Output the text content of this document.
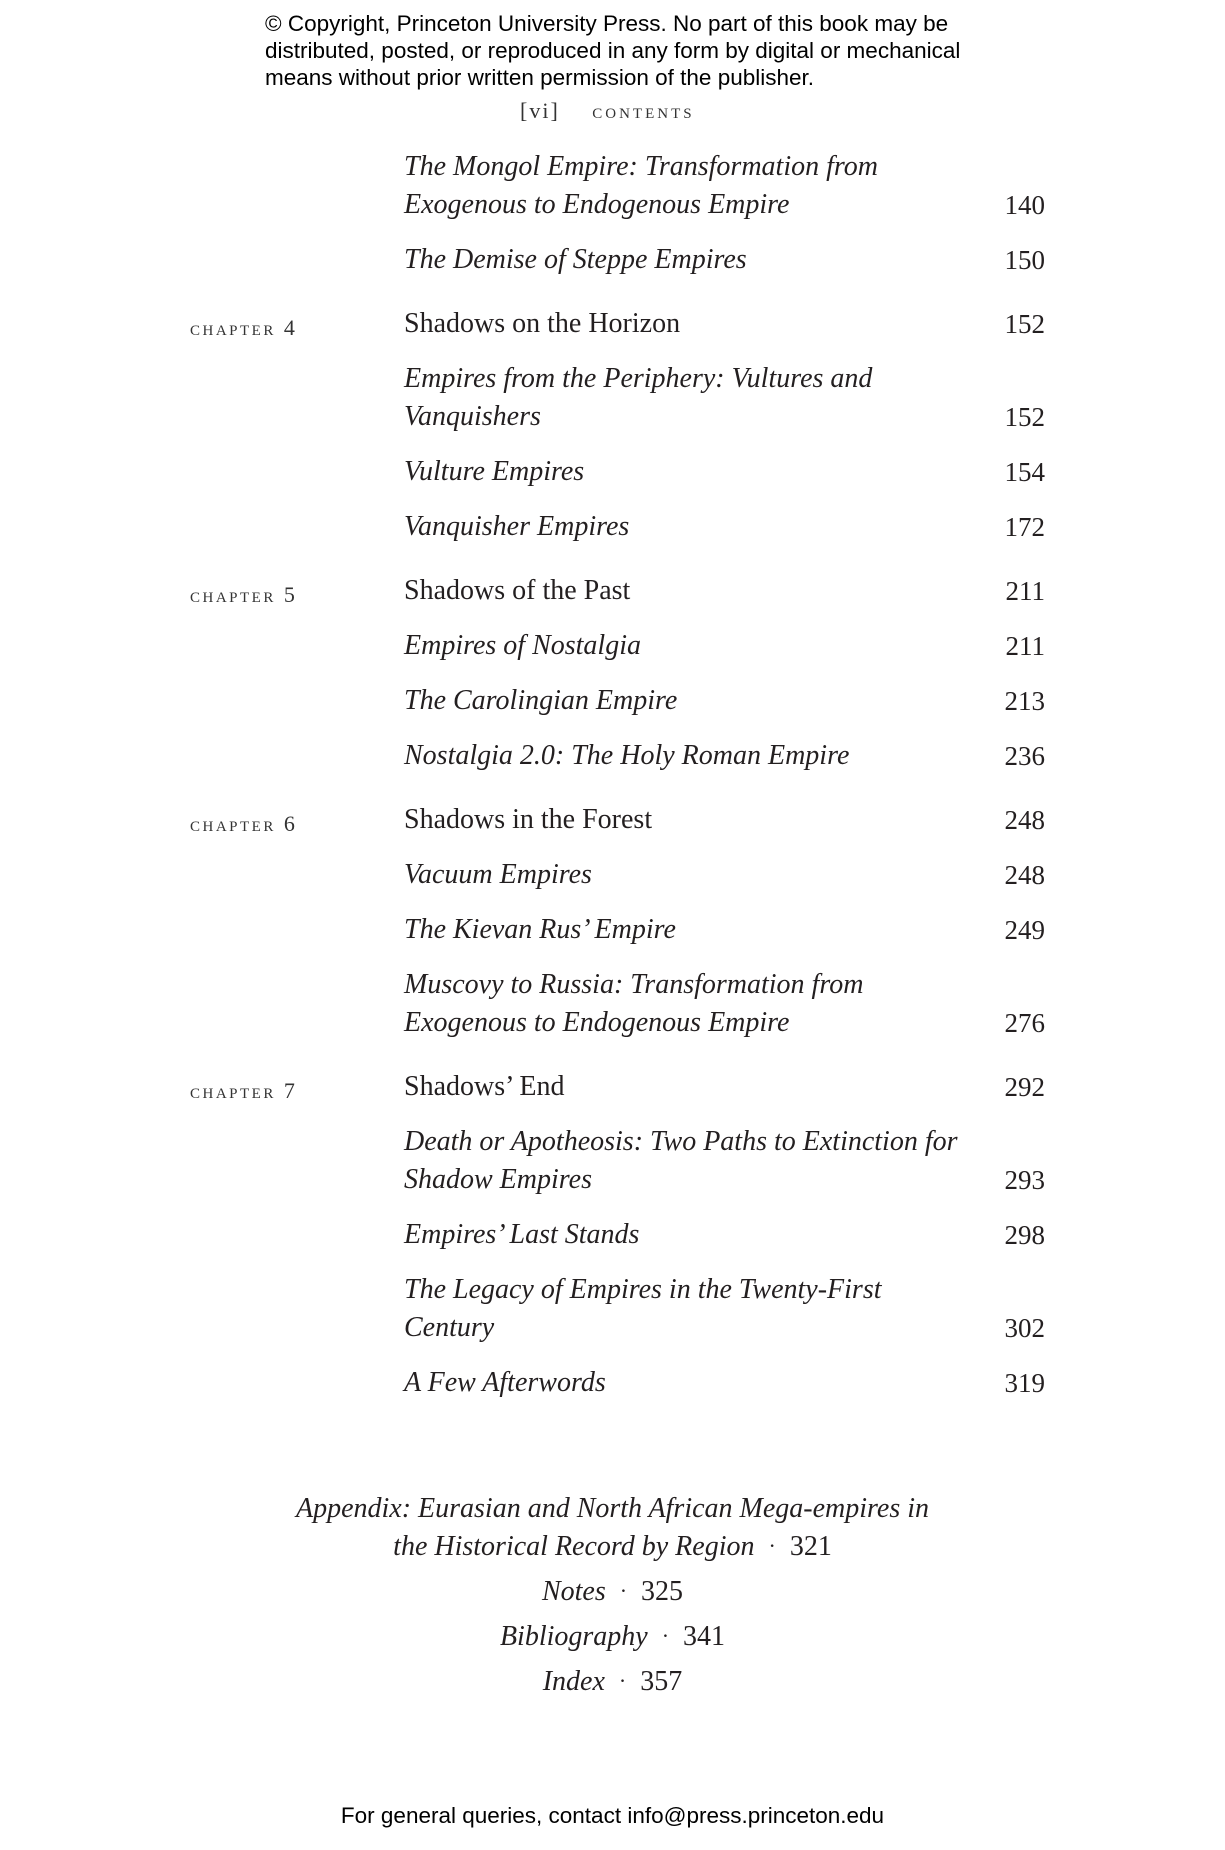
© Copyright, Princeton University Press. No part of this book may be distributed, posted, or reproduced in any form by digital or mechanical means without prior written permission of the publisher.
[vi] contents
The Mongol Empire: Transformation from Exogenous to Endogenous Empire	140
The Demise of Steppe Empires	150
chapter 4	Shadows on the Horizon	152
Empires from the Periphery: Vultures and Vanquishers	152
Vulture Empires	154
Vanquisher Empires	172
chapter 5	Shadows of the Past	211
Empires of Nostalgia	211
The Carolingian Empire	213
Nostalgia 2.0: The Holy Roman Empire	236
chapter 6	Shadows in the Forest	248
Vacuum Empires	248
The Kievan Rus’ Empire	249
Muscovy to Russia: Transformation from Exogenous to Endogenous Empire	276
chapter 7	Shadows’ End	292
Death or Apotheosis: Two Paths to Extinction for Shadow Empires	293
Empires’ Last Stands	298
The Legacy of Empires in the Twenty-First Century	302
A Few Afterwords	319
Appendix: Eurasian and North African Mega-empires in the Historical Record by Region · 321
Notes · 325
Bibliography · 341
Index · 357
For general queries, contact info@press.princeton.edu
